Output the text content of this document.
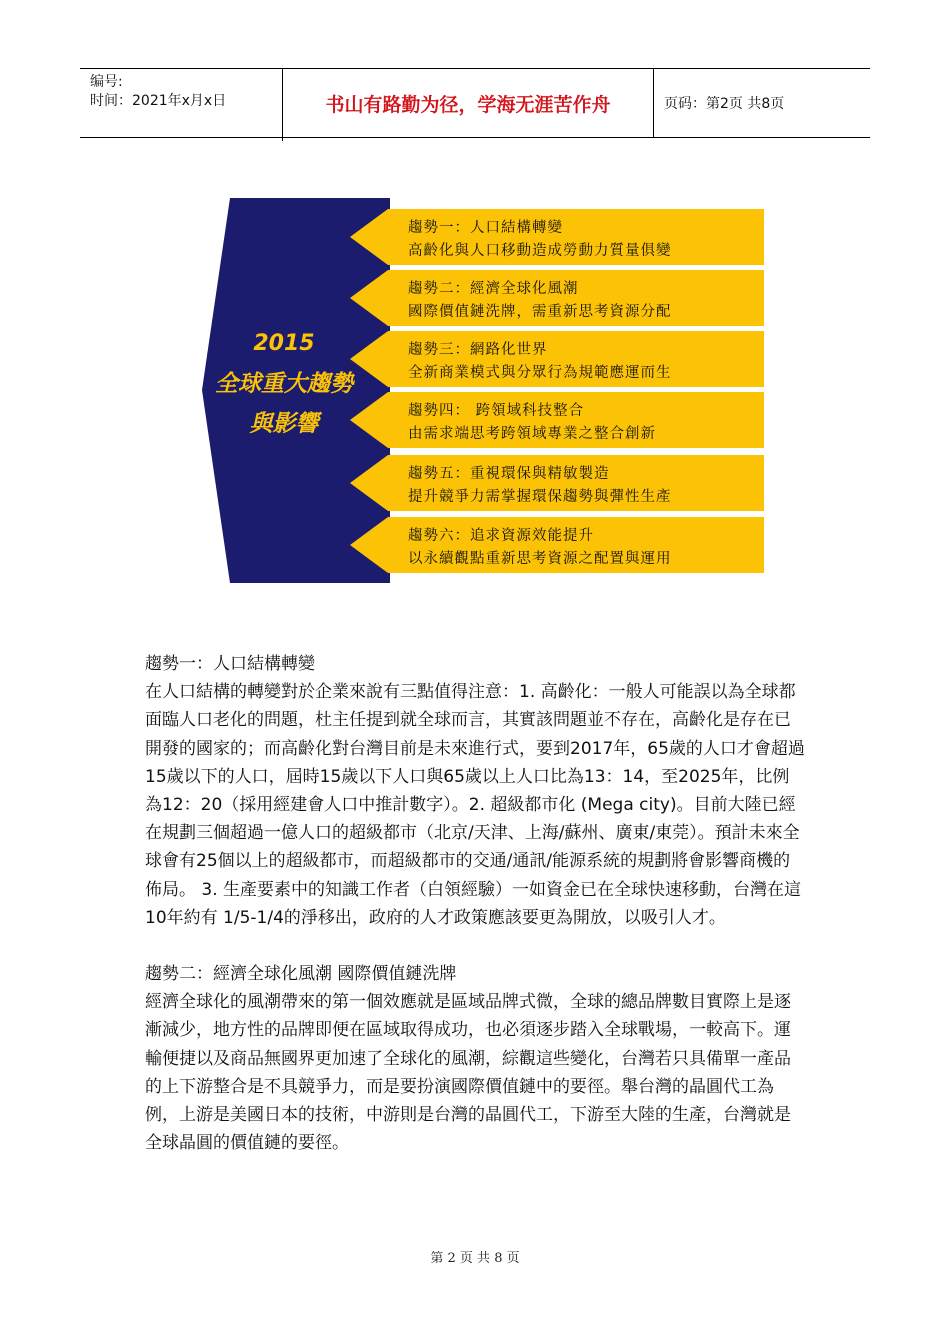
编号:
时间：2021年x月x日	书山有路勤为径，学海无涯苦作舟	页码：第2页 共8页
趨勢一：人口結構轉變
高齡化與人口移動造成勞動力質量俱變
趨勢二：經濟全球化風潮
國際價值鏈洗牌，需重新思考資源分配
趨勢三：網路化世界
全新商業模式與分眾行為規範應運而生
趨勢四： 跨領域科技整合
由需求端思考跨領域專業之整合創新
趨勢五：重視環保與精敏製造
提升競爭力需掌握環保趨勢與彈性生產
趨勢六：追求資源效能提升
以永續觀點重新思考資源之配置與運用
2015
全球重大趨勢
與影響

趨勢一：人口結構轉變

在人口結構的轉變對於企業來說有三點值得注意：1. 高齡化：一般人可能誤以為全球都面臨人口老化的問題，杜主任提到就全球而言，其實該問題並不存在，高齡化是存在已開發的國家的；而高齡化對台灣目前是未來進行式，要到2017年，65歲的人口才會超過15歲以下的人口，屆時15歲以下人口與65歲以上人口比為13：14，至2025年，比例為12：20（採用經建會人口中推計數字）。2. 超級都市化 (Mega city)。目前大陸已經在規劃三個超過一億人口的超級都市（北京/天津、上海/蘇州、廣東/東莞）。預計未來全球會有25個以上的超級都市，而超級都市的交通/通訊/能源系統的規劃將會影響商機的佈局。 3. 生產要素中的知識工作者（白領經驗）一如資金已在全球快速移動，台灣在這 10年約有 1/5-1/4的淨移出，政府的人才政策應該要更為開放，以吸引人才。

趨勢二：經濟全球化風潮 國際價值鏈洗牌

經濟全球化的風潮帶來的第一個效應就是區域品牌式微，全球的總品牌數目實際上是逐漸減少，地方性的品牌即便在區域取得成功，也必須逐步踏入全球戰場，一較高下。運輸便捷以及商品無國界更加速了全球化的風潮，綜觀這些變化，台灣若只具備單一產品的上下游整合是不具競爭力，而是要扮演國際價值鏈中的要徑。舉台灣的晶圓代工為例，上游是美國日本的技術，中游則是台灣的晶圓代工，下游至大陸的生產，台灣就是全球晶圓的價值鏈的要徑。

第 2 页 共 8 页
